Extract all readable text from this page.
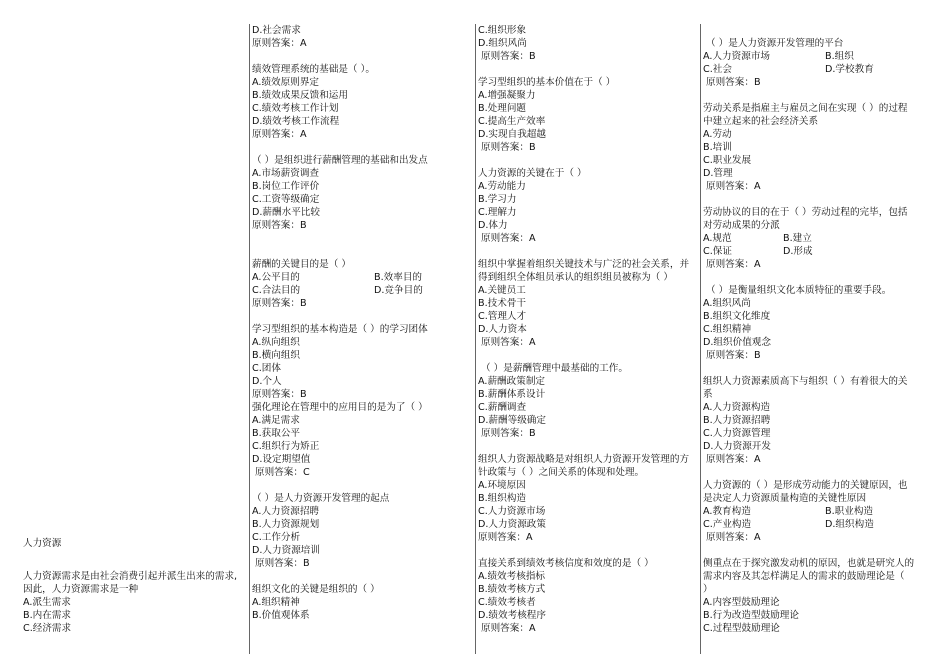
人力资源
人力资源需求是由社会消费引起并派生出来的需求,
因此，人力资源需求是一种
A.派生需求
B.内在需求
C.经济需求
D.社会需求
原则答案：A
绩效管理系统的基础是（ ）。
A.绩效原则界定
B.绩效成果反馈和运用
C.绩效考核工作计划
D.绩效考核工作流程
原则答案：A
（ ）是组织进行薪酬管理的基础和出发点
A.市场薪资调查
B.岗位工作评价
C.工资等级确定
D.薪酬水平比较
原则答案：B
薪酬的关键目的是（ ）
A.公平目的	B.效率目的
C.合法目的	D.竞争目的
原则答案：B
学习型组织的基本构造是（ ）的学习团体
A.纵向组织
B.横向组织
C.团体
D.个人
原则答案：B
强化理论在管理中的应用目的是为了（ ）
A.满足需求
B.获取公平
C.组织行为矫正
D.设定期望值
原则答案：C
（ ）是人力资源开发管理的起点
A.人力资源招聘
B.人力资源规划
C.工作分析
D.人力资源培训
原则答案：B
组织文化的关键是组织的（ ）
A.组织精神
B.价值观体系
C.组织形象
D.组织风尚
原则答案：B
学习型组织的基本价值在于（ ）
A.增强凝聚力
B.处理问题
C.提高生产效率
D.实现自我超越
原则答案：B
人力资源的关键在于（ ）
A.劳动能力
B.学习力
C.理解力
D.体力
原则答案：A
组织中掌握着组织关键技术与广泛的社会关系，并
得到组织全体组员承认的组织组员被称为（ ）
A.关键员工
B.技术骨干
C.管理人才
D.人力资本
原则答案：A
（ ）是薪酬管理中最基础的工作。
A.薪酬政策制定
B.薪酬体系设计
C.薪酬调查
D.薪酬等级确定
原则答案：B
组织人力资源战略是对组织人力资源开发管理的方
针政策与（ ）之间关系的体现和处理。
A.环境原因
B.组织构造
C.人力资源市场
D.人力资源政策
原则答案：A
直接关系到绩效考核信度和效度的是（ ）
A.绩效考核指标
B.绩效考核方式
C.绩效考核者
D.绩效考核程序
原则答案：A
（ ）是人力资源开发管理的平台
A.人力资源市场	B.组织
C.社会	D.学校教育
原则答案：B
劳动关系是指雇主与雇员之间在实现（ ）的过程
中建立起来的社会经济关系
A.劳动
B.培训
C.职业发展
D.管理
原则答案：A
劳动协议的目的在于（ ）劳动过程的完毕，包括
对劳动成果的分派
A.规范	B.建立
C.保证	D.形成
原则答案：A
（ ）是衡量组织文化本质特征的重要手段。
A.组织风尚
B.组织文化维度
C.组织精神
D.组织价值观念
原则答案：B
组织人力资源素质高下与组织（ ）有着很大的关
系
A.人力资源构造
B.人力资源招聘
C.人力资源管理
D.人力资源开发
原则答案：A
人力资源的（ ）是形成劳动能力的关键原因，也
是决定人力资源质量构造的关键性原因
A.教育构造	B.职业构造
C.产业构造	D.组织构造
原则答案：A
侧重点在于探究激发动机的原因，也就是研究人的
需求内容及其怎样满足人的需求的鼓励理论是（
）
A.内容型鼓励理论
B.行为改造型鼓励理论
C.过程型鼓励理论
